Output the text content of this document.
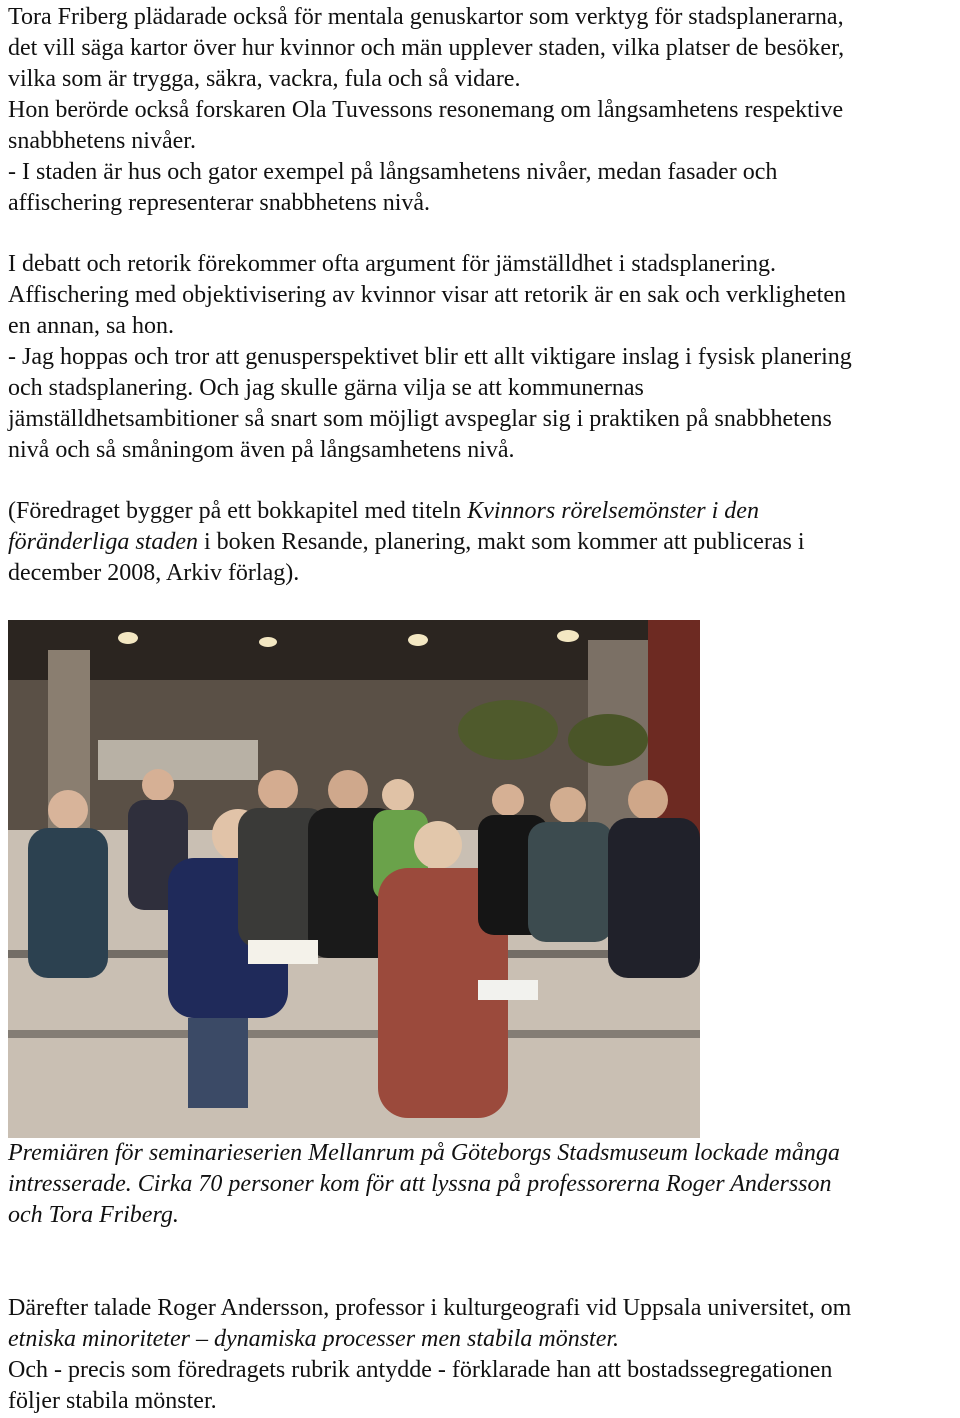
Tora Friberg plädarade också för mentala genuskartor som verktyg för stadsplanerarna,
det vill säga kartor över hur kvinnor och män upplever staden, vilka platser de besöker,
vilka som är trygga, säkra, vackra, fula och så vidare.
Hon berörde också forskaren Ola Tuvessons resonemang om långsamhetens respektive
snabbhetens nivåer.
- I staden är hus och gator exempel på långsamhetens nivåer, medan fasader och
affischering representerar snabbhetens nivå.
I debatt och retorik förekommer ofta argument för jämställdhet i stadsplanering.
Affischering med objektivisering av kvinnor visar att retorik är en sak och verkligheten
en annan, sa hon.
- Jag hoppas och tror att genusperspektivet blir ett allt viktigare inslag i fysisk planering
och stadsplanering. Och jag skulle gärna vilja se att kommunernas
jämställdhetsambitioner så snart som möjligt avspeglar sig i praktiken på snabbhetens
nivå och så småningom även på långsamhetens nivå.
(Föredraget bygger på ett bokkapitel med titeln Kvinnors rörelsemönster i den
föränderliga staden i boken Resande, planering, makt som kommer att publiceras i
december 2008, Arkiv förlag).
Premiären för seminarieserien Mellanrum på Göteborgs Stadsmuseum lockade många
intresserade. Cirka 70 personer kom för att lyssna på professorerna Roger Andersson
och Tora Friberg.
Därefter talade Roger Andersson, professor i kulturgeografi vid Uppsala universitet, om
etniska minoriteter – dynamiska processer men stabila mönster.
Och - precis som föredragets rubrik antydde - förklarade han att bostadssegregationen
följer stabila mönster.
